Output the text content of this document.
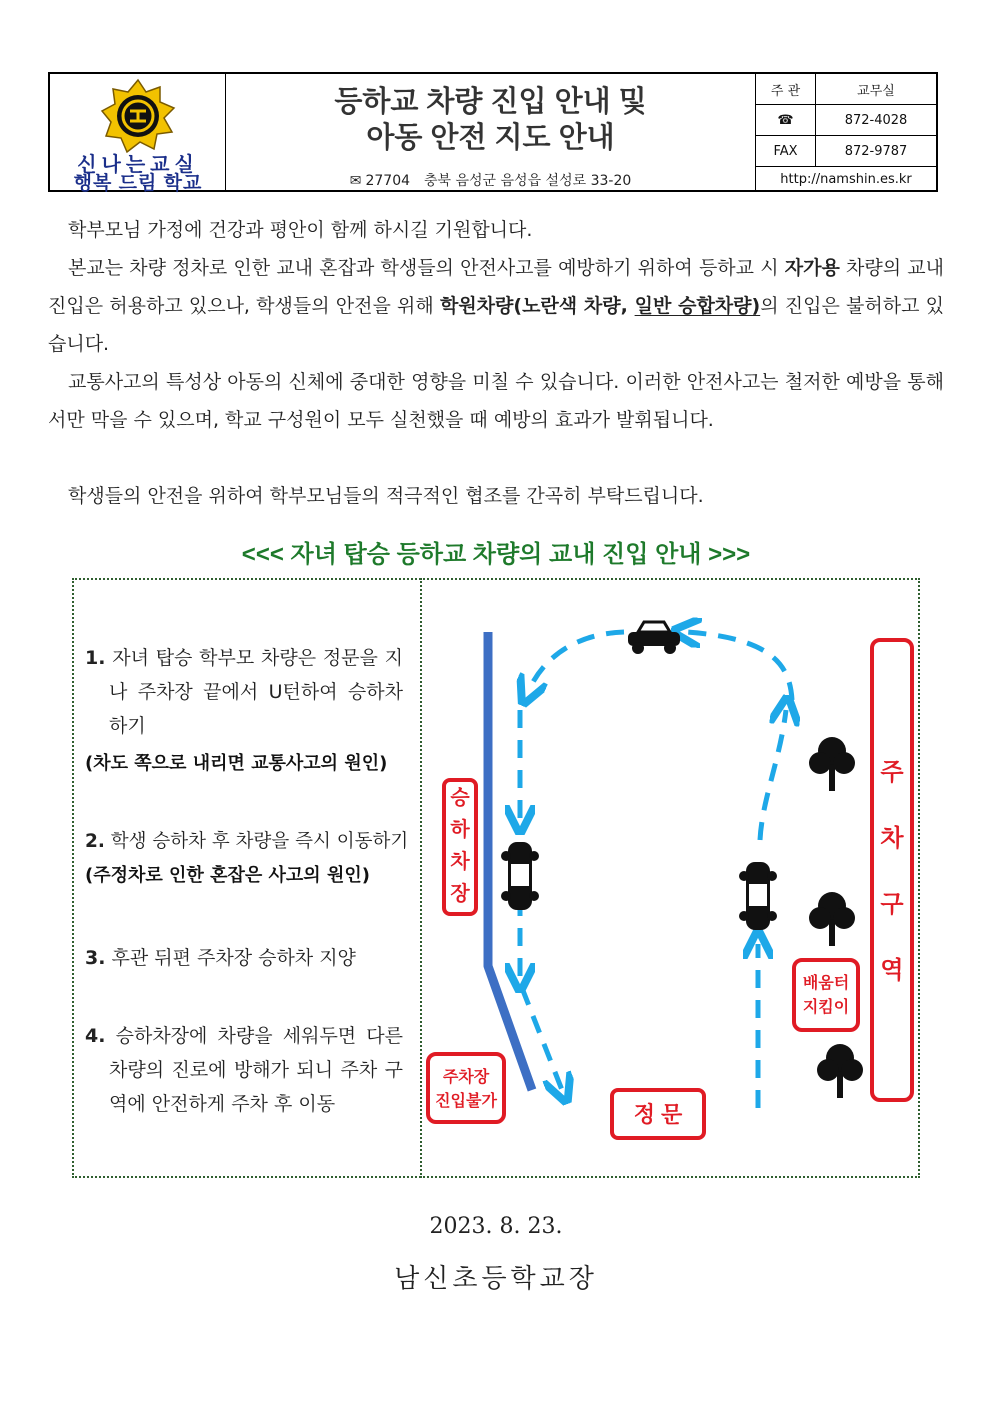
신나는교실
행복 드림 학교
등하교 차량 진입 안내 및
아동 안전 지도 안내
✉ 27704 충북 음성군 음성읍 설성로 33-20
주 관	교무실
☎	872-4028
FAX	872-9787
http://namshin.es.kr
학부모님 가정에 건강과 평안이 함께 하시길 기원합니다.
본교는 차량 정차로 인한 교내 혼잡과 학생들의 안전사고를 예방하기 위하여 등하교 시 자가용 차량의 교내 진입은 허용하고 있으나, 학생들의 안전을 위해 학원차량(노란색 차량, 일반 승합차량)의 진입은 불허하고 있습니다.
교통사고의 특성상 아동의 신체에 중대한 영향을 미칠 수 있습니다. 이러한 안전사고는 철저한 예방을 통해서만 막을 수 있으며, 학교 구성원이 모두 실천했을 때 예방의 효과가 발휘됩니다.
학생들의 안전을 위하여 학부모님들의 적극적인 협조를 간곡히 부탁드립니다.
<<< 자녀 탑승 등하교 차량의 교내 진입 안내 >>>
1. 자녀 탑승 학부모 차량은 정문을 지나 주차장 끝에서 U턴하여 승하차 하기
(차도 쪽으로 내리면 교통사고의 원인)
2. 학생 승하차 후 차량을 즉시 이동하기
(주정차로 인한 혼잡은 사고의 원인)
3. 후관 뒤편 주차장 승하차 지양
4. 승하차장에 차량을 세워두면 다른 차량의 진로에 방해가 되니 주차 구역에 안전하게 주차 후 이동
승
하
차
장
주
차
구
역
배움터
지킴이
주차장
진입불가
정 문
2023. 8. 23.
남신초등학교장
